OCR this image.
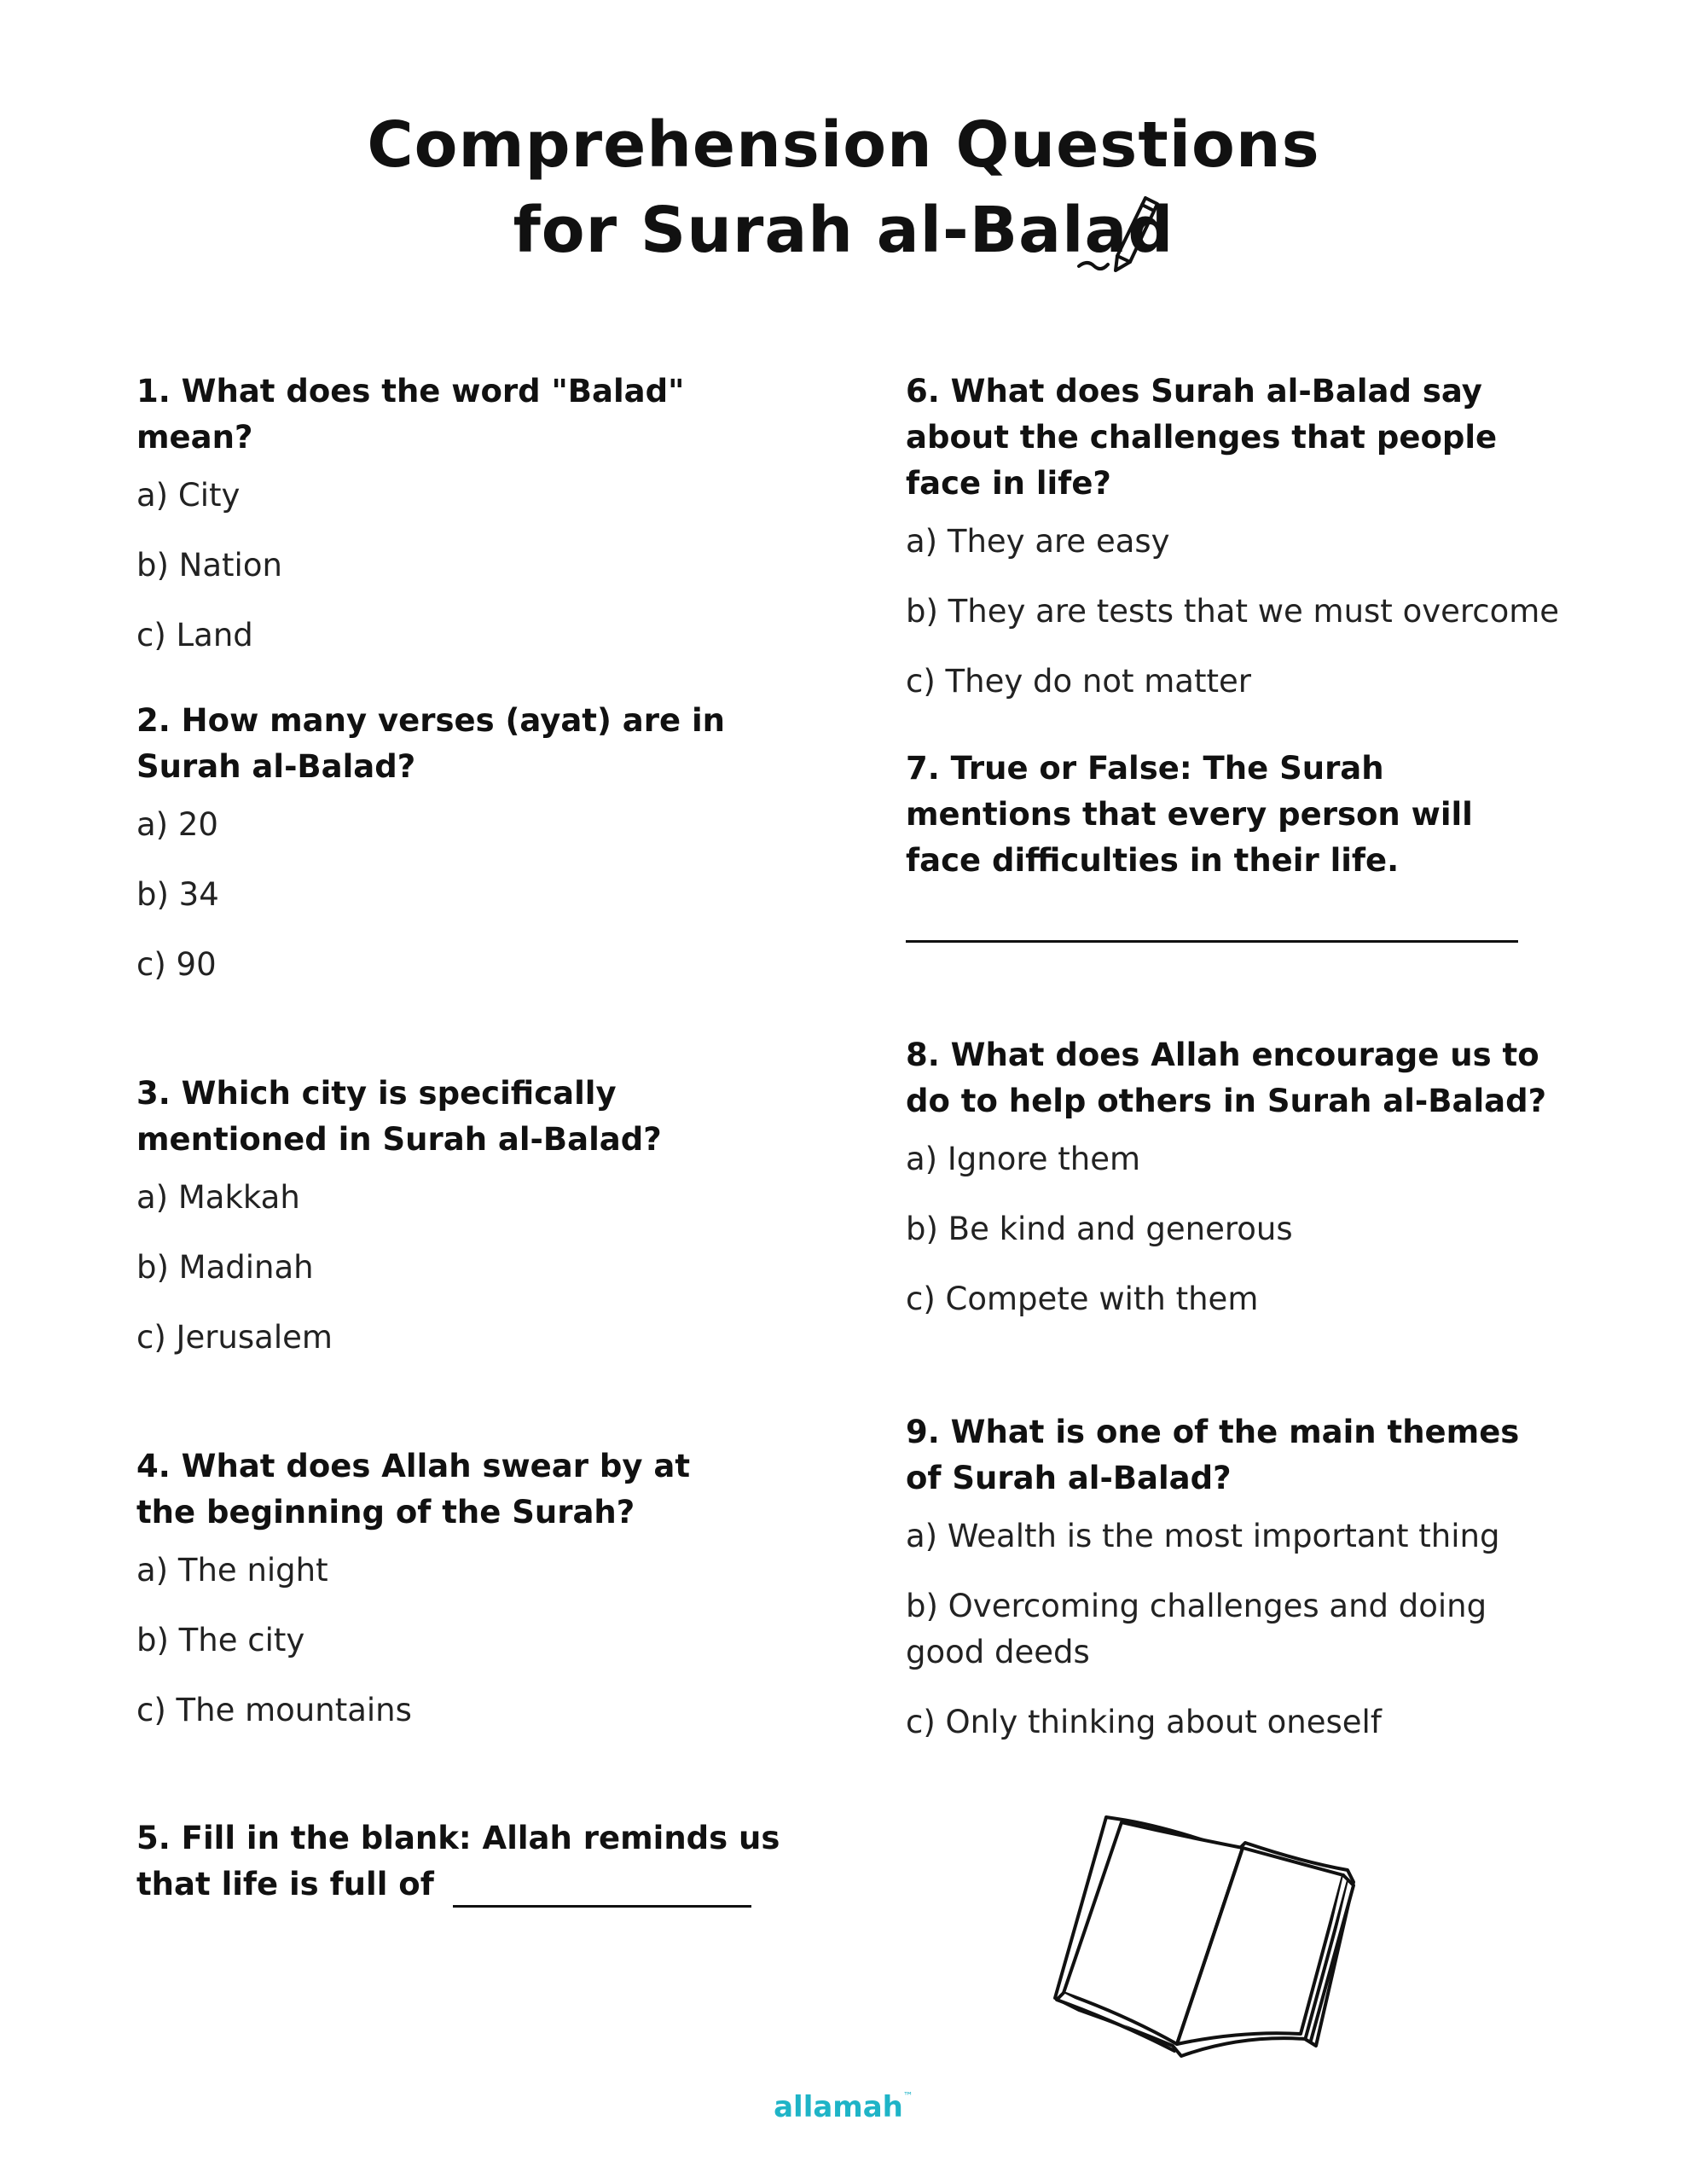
Comprehension Questions
for Surah al-Balad

1. What does the word "Balad" mean?

a) City

b) Nation

c) Land

2. How many verses (ayat) are in Surah al-Balad?

a) 20

b) 34

c) 90

3. Which city is specifically mentioned in Surah al-Balad?

a) Makkah

b) Madinah

c) Jerusalem

4. What does Allah swear by at the beginning of the Surah?

a) The night

b) The city

c) The mountains

5. Fill in the blank: Allah reminds us

that life is full of

6. What does Surah al-Balad say about the challenges that people face in life?

a) They are easy

b) They are tests that we must overcome

c) They do not matter

7. True or False: The Surah mentions that every person will face difficulties in their life.

8. What does Allah encourage us to do to help others in Surah al-Balad?

a) Ignore them

b) Be kind and generous

c) Compete with them

9. What is one of the main themes of Surah al-Balad?

a) Wealth is the most important thing

b) Overcoming challenges and doing good deeds

c) Only thinking about oneself

allamah™
